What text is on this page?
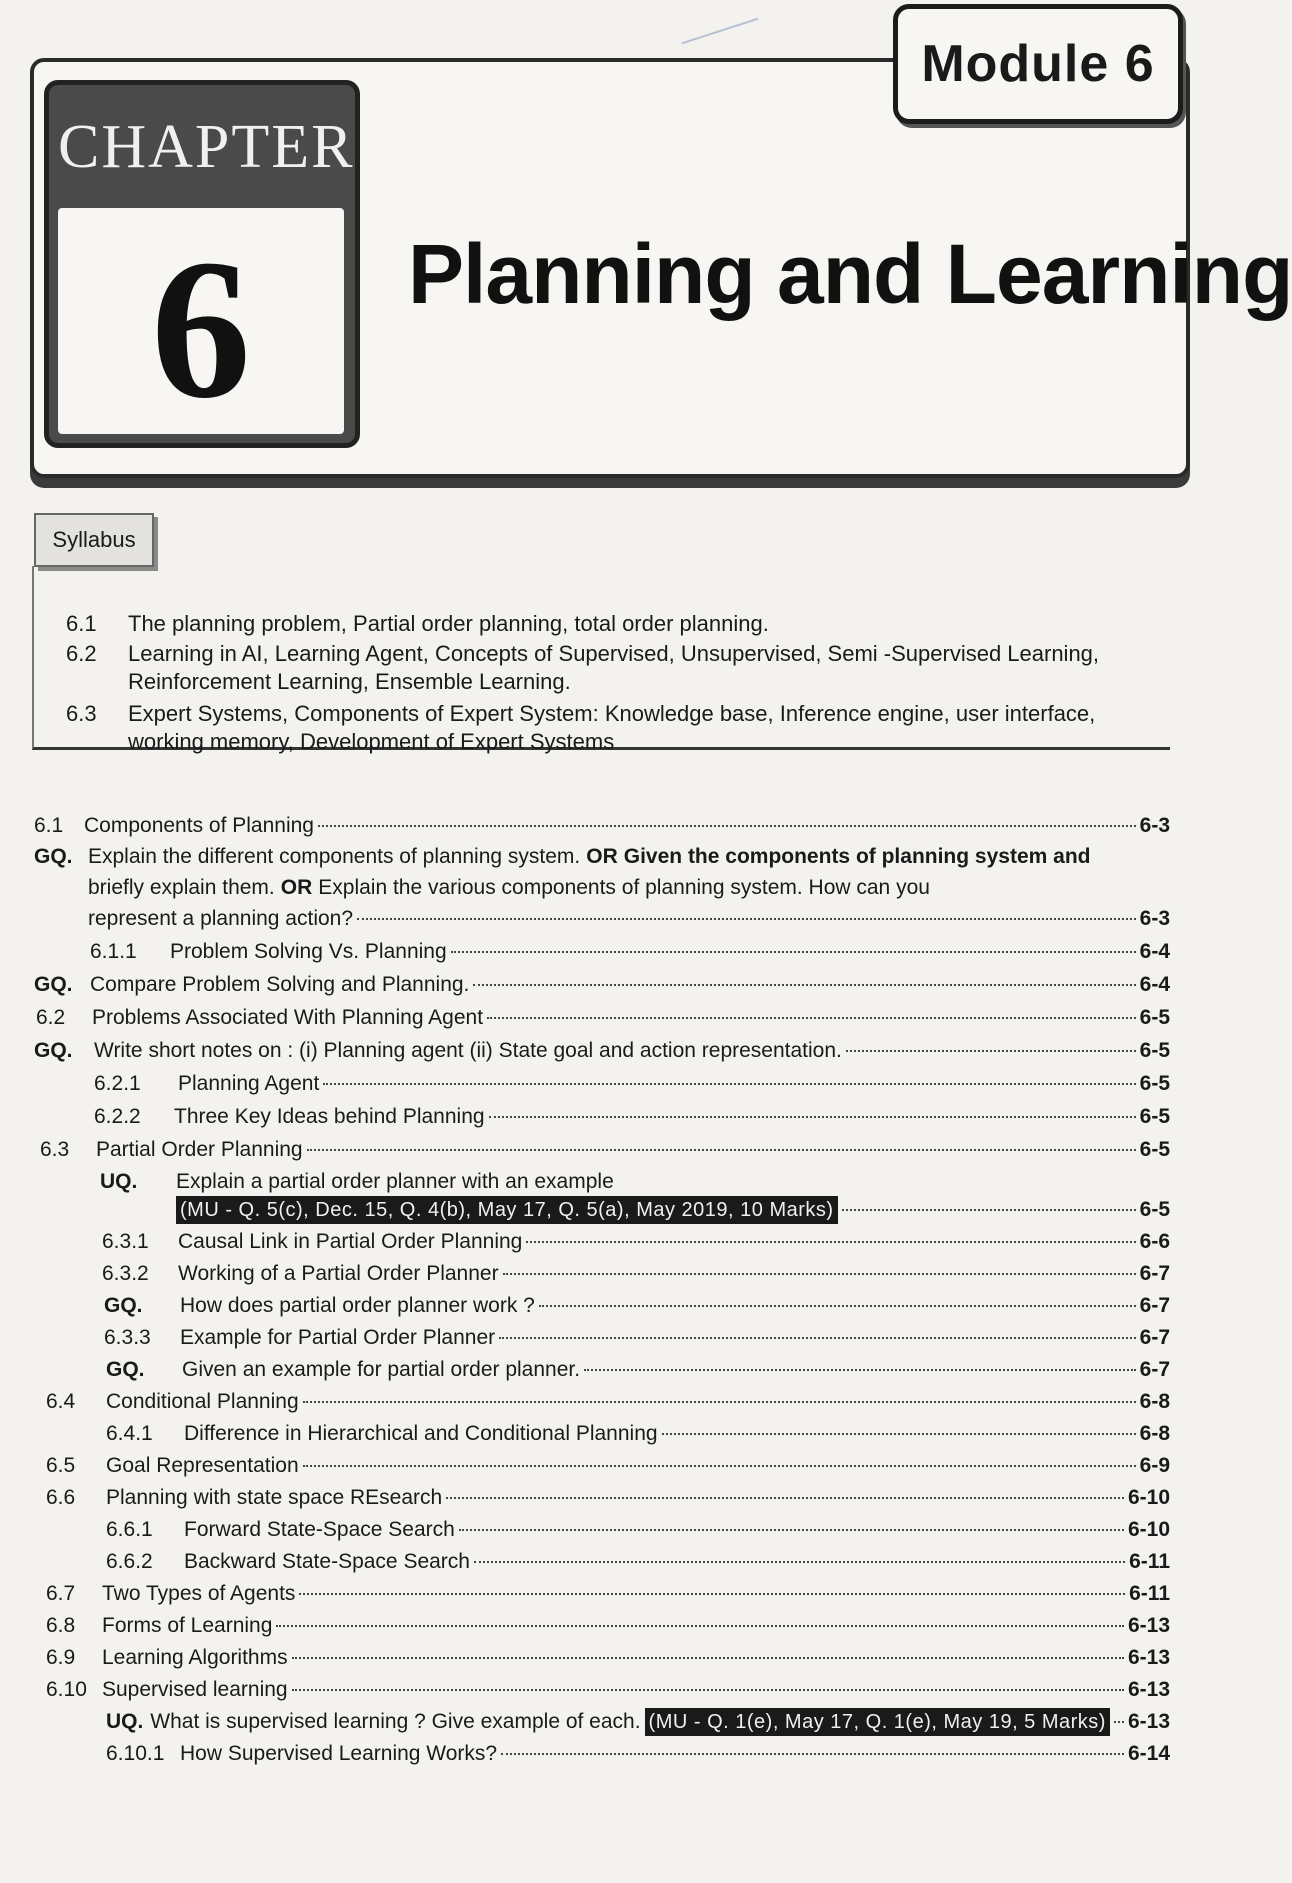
Module 6
CHAPTER
6	Planning and Learning
Syllabus
6.1	The planning problem, Partial order planning, total order planning.
6.2	Learning in AI, Learning Agent, Concepts of Supervised, Unsupervised, Semi -Supervised Learning, Reinforcement Learning, Ensemble Learning.
6.3	Expert Systems, Components of Expert System: Knowledge base, Inference engine, user interface, working memory, Development of Expert Systems
6.1 Components of Planning	6-3
GQ. Explain the different components of planning system. OR Given the components of planning system and
briefly explain them. OR Explain the various components of planning system. How can you
represent a planning action?	6-3
6.1.1	Problem Solving Vs. Planning	6-4
GQ. Compare Problem Solving and Planning.	6-4
6.2	Problems Associated With Planning Agent	6-5
GQ.	Write short notes on : (i) Planning agent (ii) State goal and action representation.	6-5
6.2.1	Planning Agent	6-5
6.2.2	Three Key Ideas behind Planning	6-5
6.3	Partial Order Planning	6-5
UQ.	Explain a partial order planner with an example
(MU - Q. 5(c), Dec. 15, Q. 4(b), May 17, Q. 5(a), May 2019, 10 Marks)	6-5
6.3.1	Causal Link in Partial Order Planning	6-6
6.3.2	Working of a Partial Order Planner	6-7
GQ.	How does partial order planner work ?	6-7
6.3.3	Example for Partial Order Planner	6-7
GQ.	Given an example for partial order planner.	6-7
6.4	Conditional Planning	6-8
6.4.1	Difference in Hierarchical and Conditional Planning	6-8
6.5	Goal Representation	6-9
6.6	Planning with state space REsearch	6-10
6.6.1	Forward State-Space Search	6-10
6.6.2	Backward State-Space Search	6-11
6.7	Two Types of Agents	6-11
6.8	Forms of Learning	6-13
6.9	Learning Algorithms	6-13
6.10 Supervised learning	6-13
UQ. What is supervised learning ? Give example of each. (MU - Q. 1(e), May 17, Q. 1(e), May 19, 5 Marks) 6-13
6.10.1 How Supervised Learning Works?	6-14
